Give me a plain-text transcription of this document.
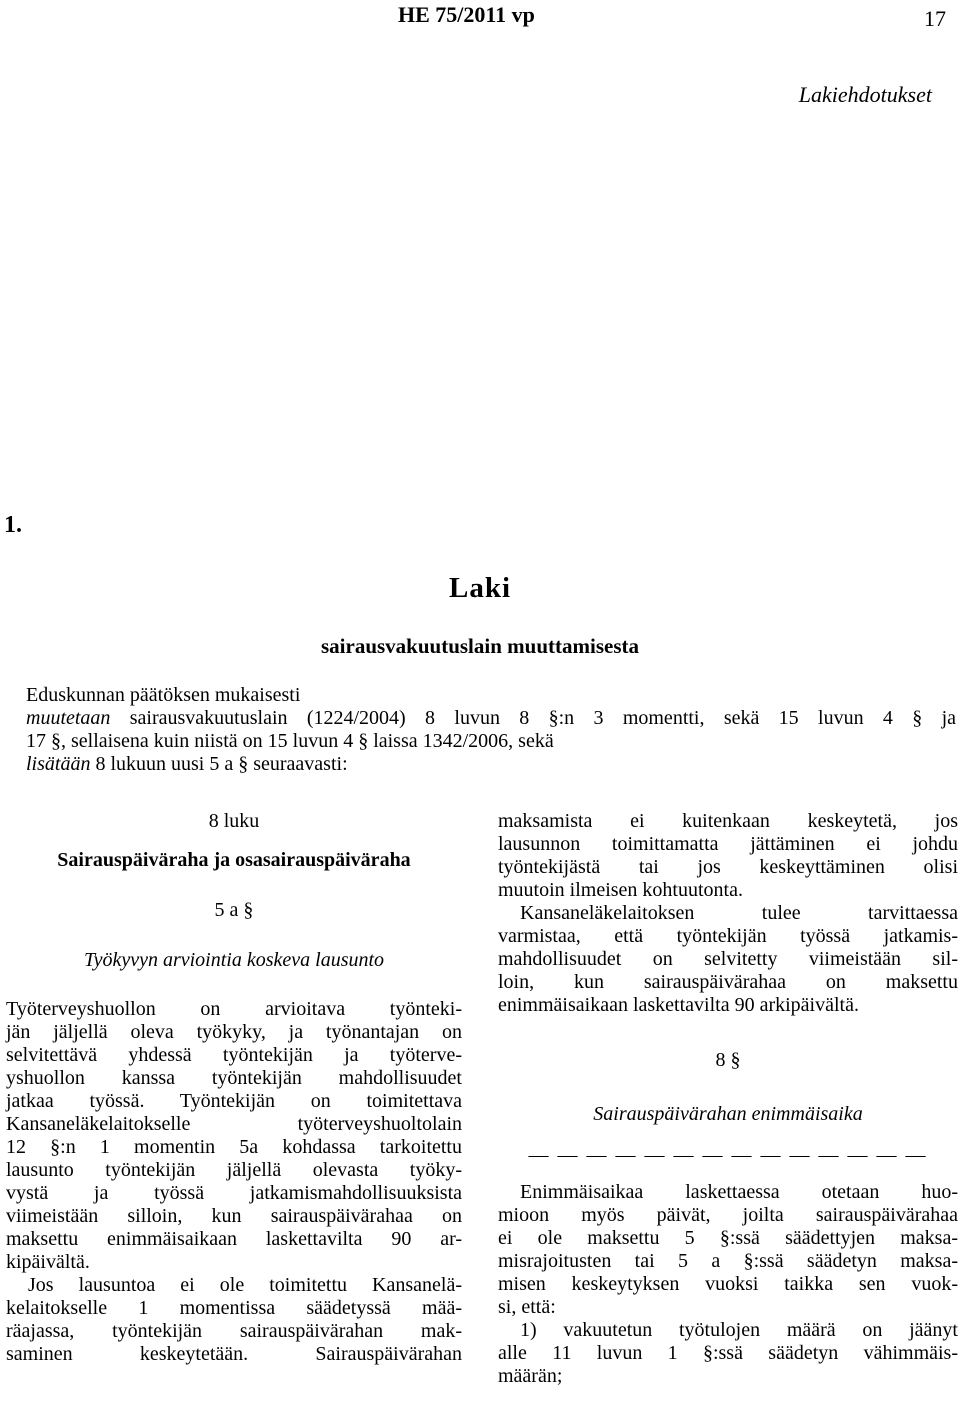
HE 75/2011 vp	17
Lakiehdotukset
1.
Laki
sairausvakuutuslain muuttamisesta
Eduskunnan päätöksen mukaisesti
muutetaan sairausvakuutuslain (1224/2004) 8 luvun 8 §:n 3 momentti, sekä 15 luvun 4 § ja
17 §, sellaisena kuin niistä on 15 luvun 4 § laissa 1342/2006, sekä
lisätään 8 lukuun uusi 5 a § seuraavasti:
8 luku
Sairauspäiväraha ja osasairauspäiväraha
5 a §
Työkyvyn arviointia koskeva lausunto
Työterveyshuollon on arvioitava työnteki-
jän jäljellä oleva työkyky, ja työnantajan on
selvitettävä yhdessä työntekijän ja työterve-
yshuollon kanssa työntekijän mahdollisuudet
jatkaa työssä. Työntekijän on toimitettava
Kansaneläkelaitokselle työterveyshuoltolain
12 §:n 1 momentin 5a kohdassa tarkoitettu
lausunto työntekijän jäljellä olevasta työky-
vystä ja työssä jatkamismahdollisuuksista
viimeistään silloin, kun sairauspäivärahaa on
maksettu enimmäisaikaan laskettavilta 90 ar-
kipäivältä.
Jos lausuntoa ei ole toimitettu Kansanelä-
kelaitokselle 1 momentissa säädetyssä mää-
räajassa, työntekijän sairauspäivärahan mak-
saminen keskeytetään. Sairauspäivärahan
maksamista ei kuitenkaan keskeytetä, jos
lausunnon toimittamatta jättäminen ei johdu
työntekijästä tai jos keskeyttäminen olisi
muutoin ilmeisen kohtuutonta.
Kansaneläkelaitoksen tulee tarvittaessa
varmistaa, että työntekijän työssä jatkamis-
mahdollisuudet on selvitetty viimeistään sil-
loin, kun sairauspäivärahaa on maksettu
enimmäisaikaan laskettavilta 90 arkipäivältä.
8 §
Sairauspäivärahan enimmäisaika
— — — — — — — — — — — — — —
Enimmäisaikaa laskettaessa otetaan huo-
mioon myös päivät, joilta sairauspäivärahaa
ei ole maksettu 5 §:ssä säädettyjen maksa-
misrajoitusten tai 5 a §:ssä säädetyn maksa-
misen keskeytyksen vuoksi taikka sen vuok-
si, että:
1) vakuutetun työtulojen määrä on jäänyt
alle 11 luvun 1 §:ssä säädetyn vähimmäis-
määrän;
